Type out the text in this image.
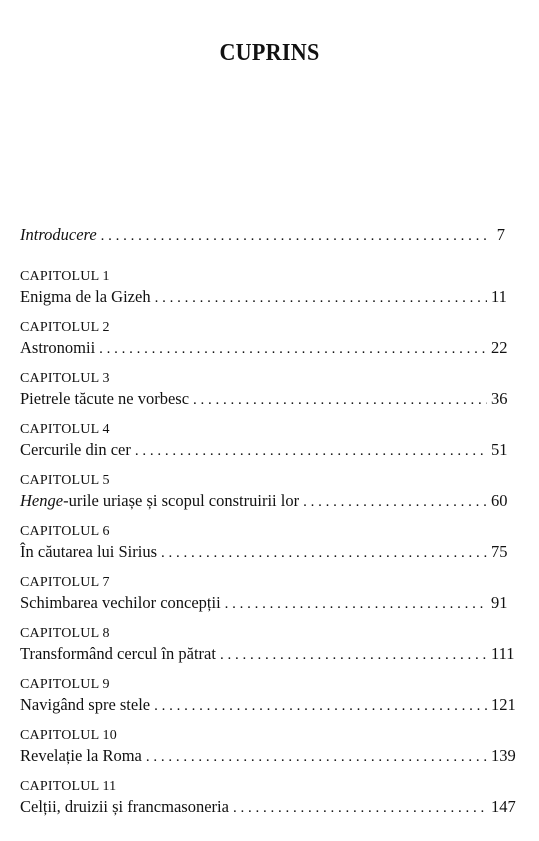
CUPRINS
Introducere . . .	7
CAPITOLUL 1
Enigma de la Gizeh . . .	11
CAPITOLUL 2
Astronomii . . .	22
CAPITOLUL 3
Pietrele tăcute ne vorbesc . . .	36
CAPITOLUL 4
Cercurile din cer . . .	51
CAPITOLUL 5
Henge-urile uriașe și scopul construirii lor . . .	60
CAPITOLUL 6
În căutarea lui Sirius . . .	75
CAPITOLUL 7
Schimbarea vechilor concepții . . .	91
CAPITOLUL 8
Transformând cercul în pătrat . . .	111
CAPITOLUL 9
Navigând spre stele . . .	121
CAPITOLUL 10
Revelație la Roma . . .	139
CAPITOLUL 11
Celții, druizii și francmasoneria . . .	147
